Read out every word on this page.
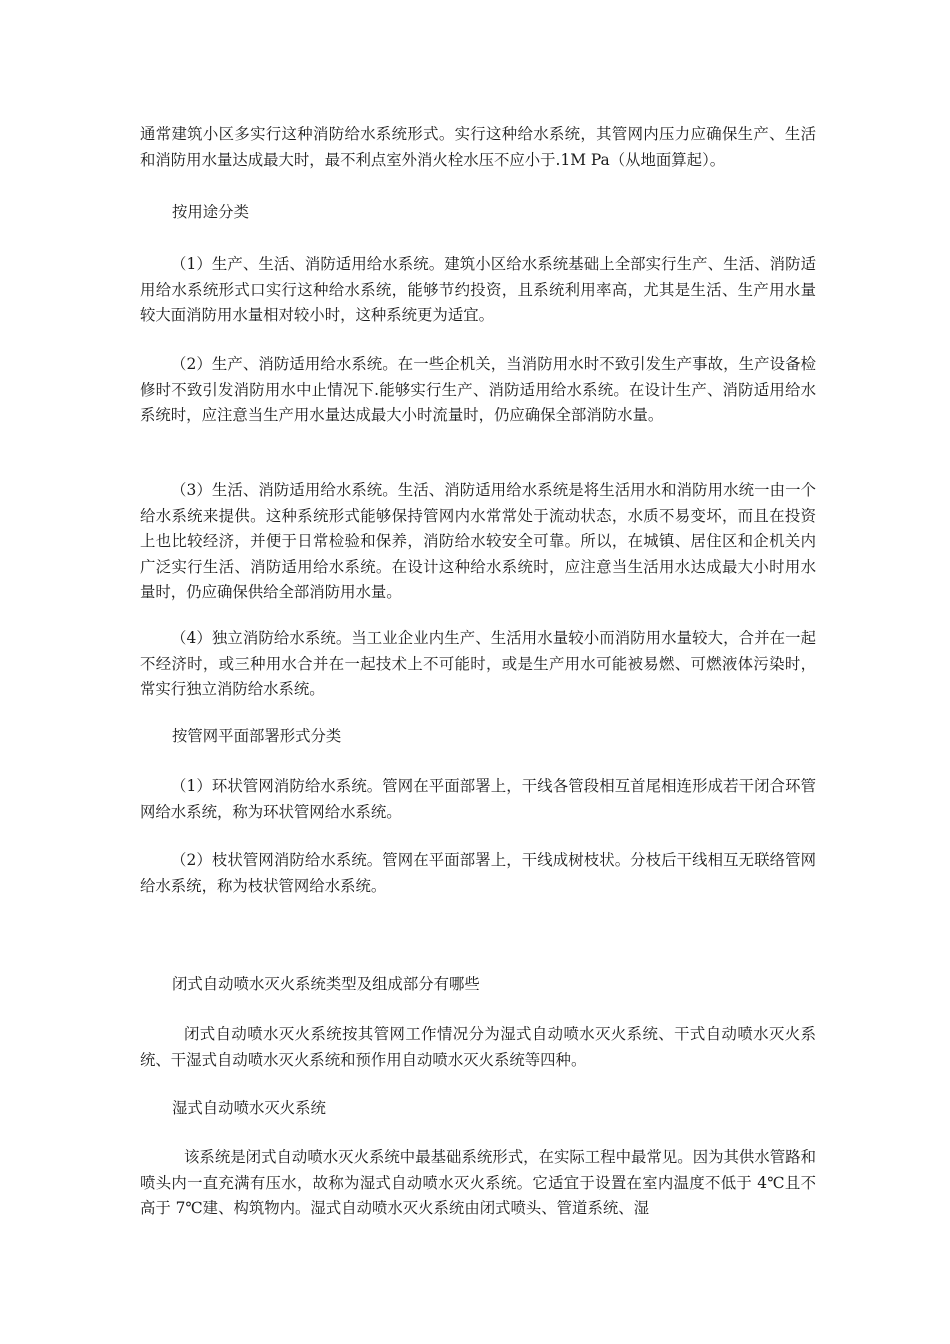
通常建筑小区多实行这种消防给水系统形式。实行这种给水系统，其管网内压力应确保生产、生活和消防用水量达成最大时，最不利点室外消火栓水压不应小于.1M Pa（从地面算起）。

按用途分类

（1）生产、生活、消防适用给水系统。建筑小区给水系统基础上全部实行生产、生活、消防适用给水系统形式口实行这种给水系统，能够节约投资，且系统利用率高，尤其是生活、生产用水量较大面消防用水量相对较小时，这种系统更为适宜。

（2）生产、消防适用给水系统。在一些企机关，当消防用水时不致引发生产事故，生产设备检修时不致引发消防用水中止情况下.能够实行生产、消防适用给水系统。在设计生产、消防适用给水系统时，应注意当生产用水量达成最大小时流量时，仍应确保全部消防水量。

（3）生活、消防适用给水系统。生活、消防适用给水系统是将生活用水和消防用水统一由一个给水系统来提供。这种系统形式能够保持管网内水常常处于流动状态，水质不易变坏，而且在投资上也比较经济，并便于日常检验和保养，消防给水较安全可靠。所以，在城镇、居住区和企机关内广泛实行生活、消防适用给水系统。在设计这种给水系统时，应注意当生活用水达成最大小时用水量时，仍应确保供给全部消防用水量。

（4）独立消防给水系统。当工业企业内生产、生活用水量较小而消防用水量较大，合并在一起不经济时，或三种用水合并在一起技术上不可能时，或是生产用水可能被易燃、可燃液体污染时，常实行独立消防给水系统。

按管网平面部署形式分类

（1）环状管网消防给水系统。管网在平面部署上，干线各管段相互首尾相连形成若干闭合环管网给水系统，称为环状管网给水系统。

（2）枝状管网消防给水系统。管网在平面部署上，干线成树枝状。分枝后干线相互无联络管网给水系统，称为枝状管网给水系统。

闭式自动喷水灭火系统类型及组成部分有哪些

闭式自动喷水灭火系统按其管网工作情况分为湿式自动喷水灭火系统、干式自动喷水灭火系统、干湿式自动喷水灭火系统和预作用自动喷水灭火系统等四种。

湿式自动喷水灭火系统

该系统是闭式自动喷水灭火系统中最基础系统形式，在实际工程中最常见。因为其供水管路和喷头内一直充满有压水，故称为湿式自动喷水灭火系统。它适宜于设置在室内温度不低于 4℃且不高于 7℃建、构筑物内。湿式自动喷水灭火系统由闭式喷头、管道系统、湿
